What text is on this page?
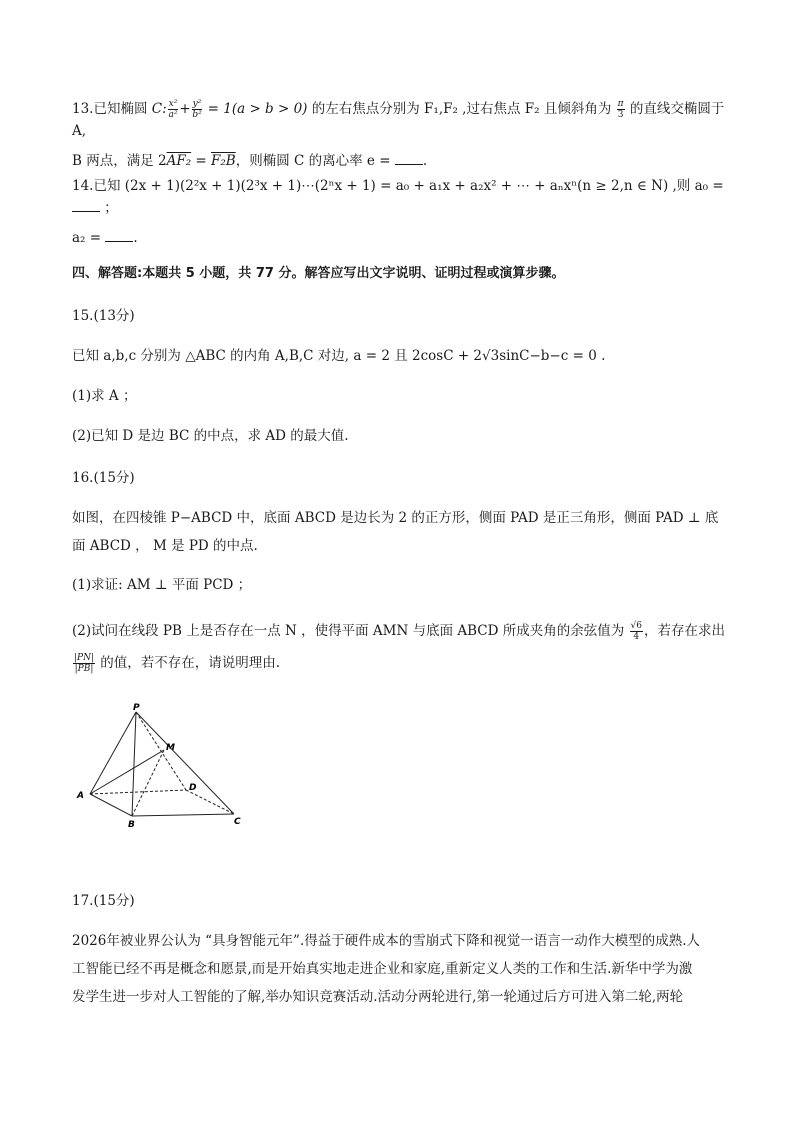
13.已知椭圆 C: $\frac{\text{x²}}{\text{a²}} + \frac{\text{y²}}{\text{b²}} = 1(a > b > 0)$ 的左右焦点分别为 F₁,F₂ ,过右焦点 F₂ 且倾斜角为 $\frac{\pi}{3}$ 的直线交椭圆于 A,
B 两点，满足 2AF₂ = F₂B，则椭圆 C 的离心率 e = .
14.已知 (2x + 1)(2²x + 1)(2³x + 1)⋯(2ⁿx + 1) = a₀ + a₁x + a₂x² + ⋯ + aₙxⁿ(n ≥ 2,n ∈ N) ,则 a₀ =  ；
a₂ = .
四、解答题:本题共 5 小题，共 77 分。解答应写出文字说明、证明过程或演算步骤。
15.(13分)
已知 a,b,c 分别为 △ABC 的内角 A,B,C 对边, a = 2 且 2cosC + 2√3sinC−b−c = 0 .
(1)求 A ；
(2)已知 D 是边 BC 的中点，求 AD 的最大值.
16.(15分)
如图，在四棱锥 P−ABCD 中，底面 ABCD 是边长为 2 的正方形，侧面 PAD 是正三角形，侧面 PAD ⊥ 底
面 ABCD ， M 是 PD 的中点.
(1)求证: AM ⊥ 平面 PCD ；
(2)试问在线段 PB 上是否存在一点 N ，使得平面 AMN 与底面 ABCD 所成夹角的余弦值为 $\frac{√6}{4}$ ，若存在求出
$\frac{|PN|}{|PB|}$ 的值，若不存在，请说明理由.
P
M
D
A
B	C
17.(15分)
2026年被业界公认为 “具身智能元年”.得益于硬件成本的雪崩式下降和视觉一语言一动作大模型的成熟.人
工智能已经不再是概念和愿景,而是开始真实地走进企业和家庭,重新定义人类的工作和生活.新华中学为激
发学生进一步对人工智能的了解,举办知识竞赛活动.活动分两轮进行,第一轮通过后方可进入第二轮,两轮
